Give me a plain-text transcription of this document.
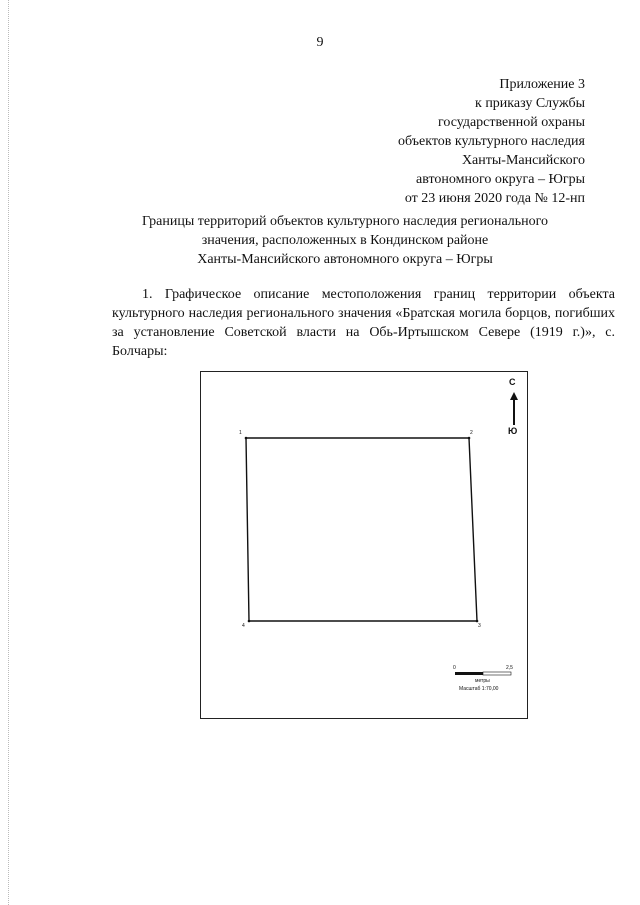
9
Приложение 3
к приказу Службы
государственной охраны
объектов культурного наследия
Ханты-Мансийского
автономного округа – Югры
от 23 июня 2020 года № 12-нп
Границы территорий объектов культурного наследия регионального
значения, расположенных в Кондинском районе
Ханты-Мансийского автономного округа – Югры
1. Графическое описание местоположения границ территории объекта культурного наследия регионального значения «Братская могила борцов, погибших за установление Советской власти на Обь-Иртышском Севере (1919 г.)», с. Болчары:
С
Ю
1	2
3
4
0	2,5
метры
Масштаб 1:70,00
